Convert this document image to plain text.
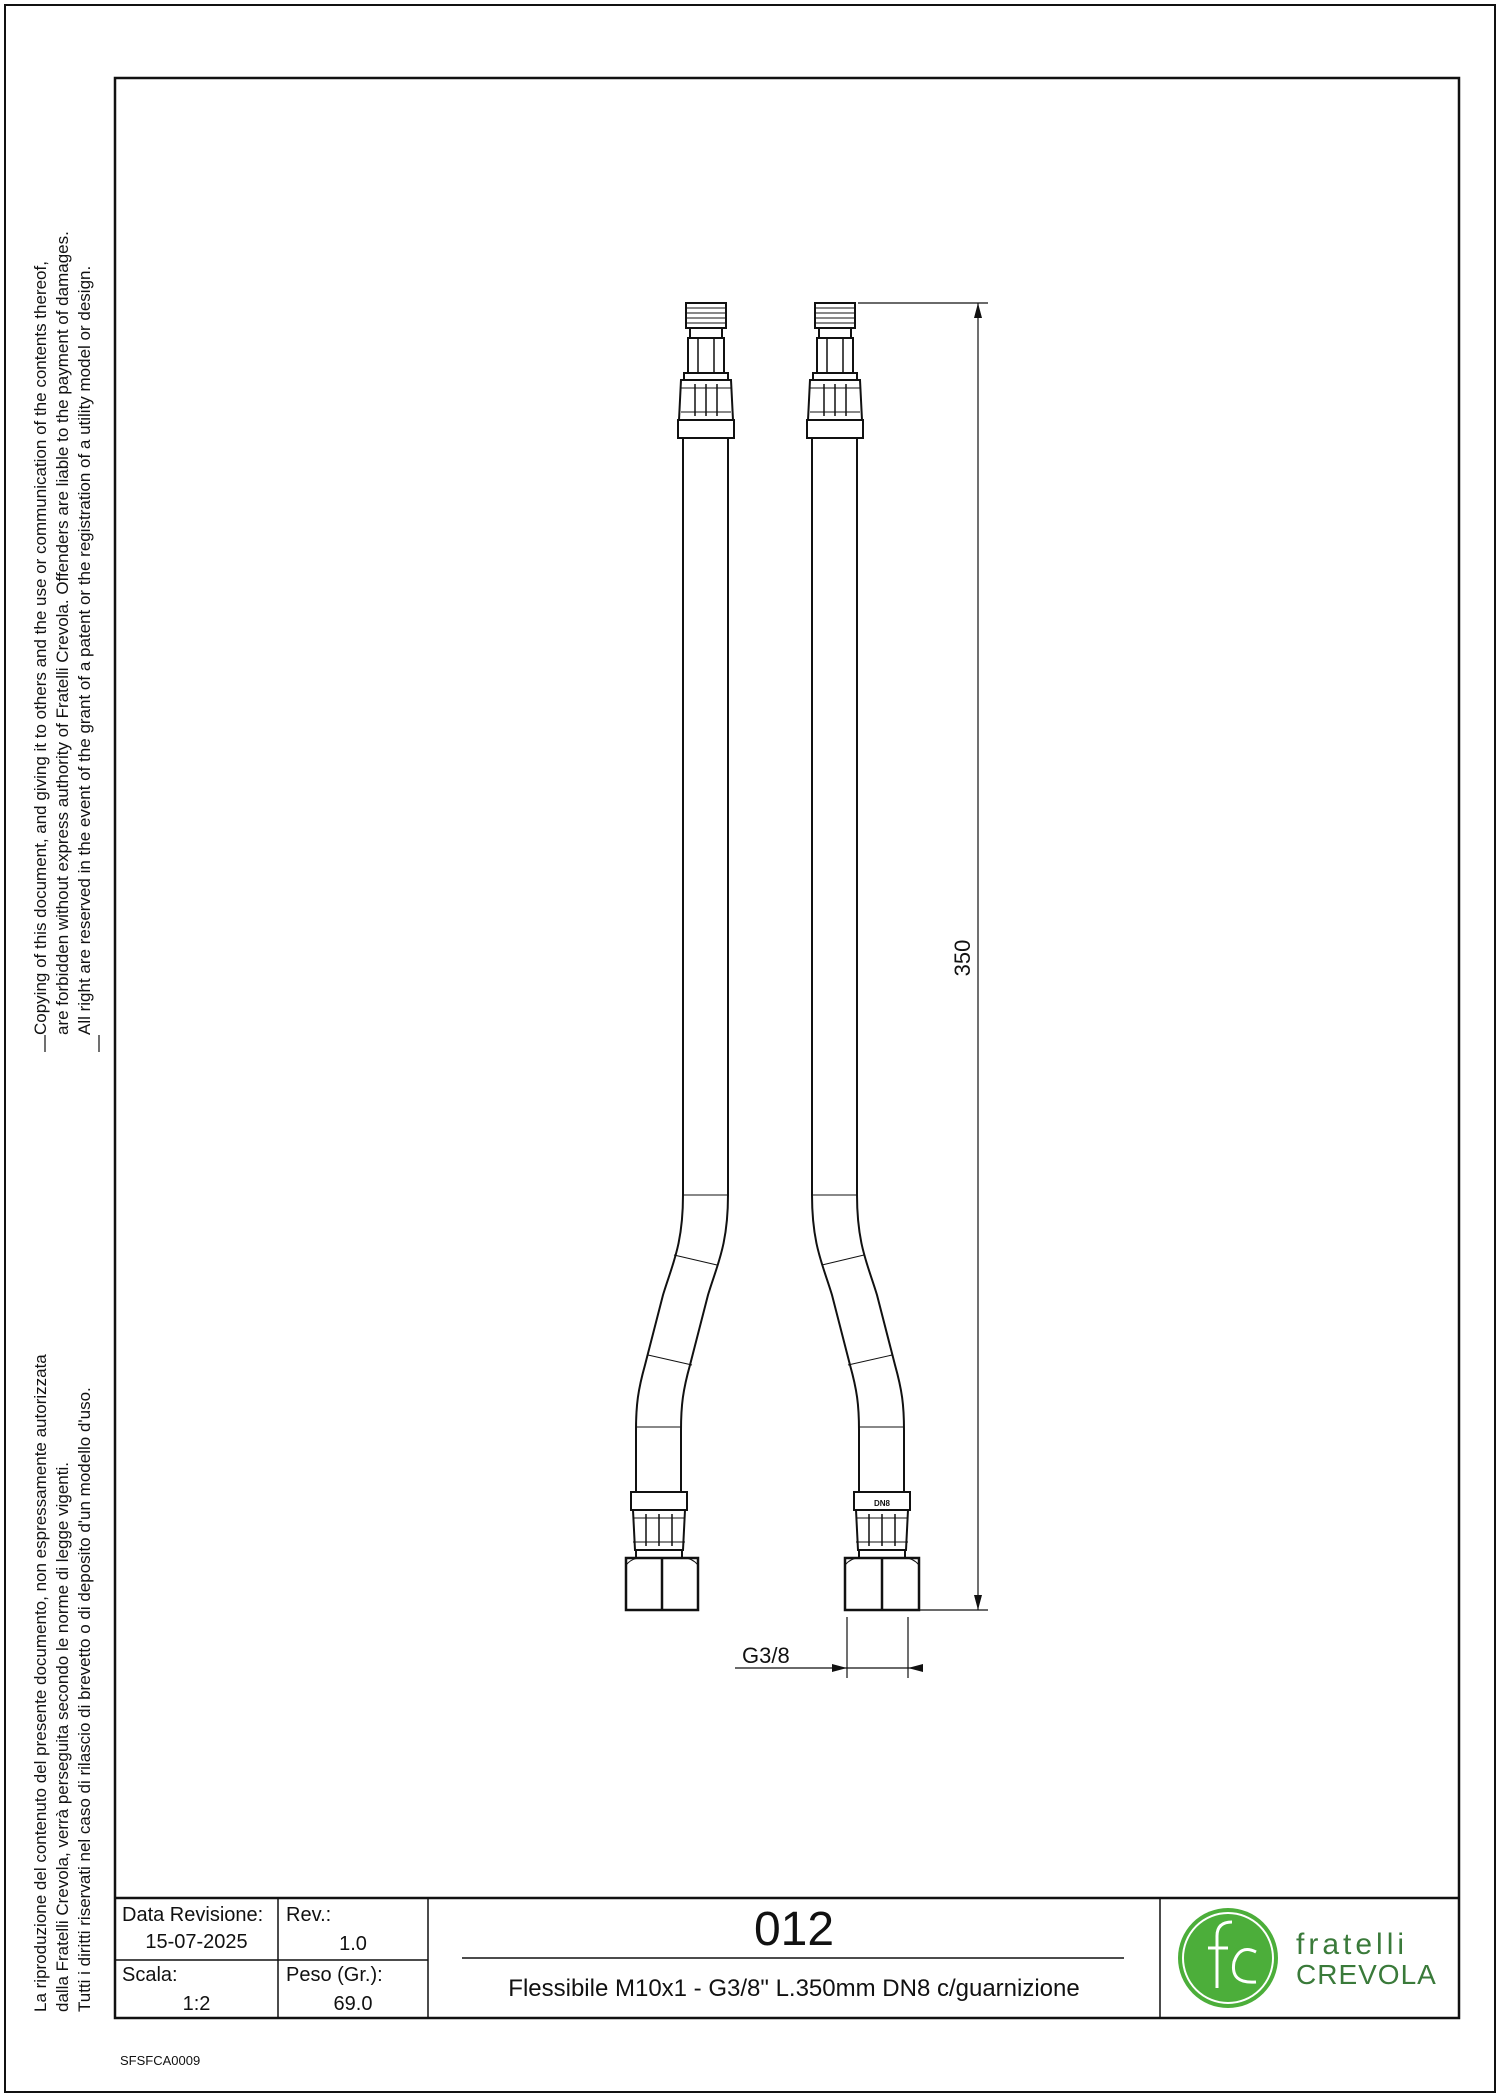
DN8
350
G3/8
fratelli
CREVOLA
Copying of this document, and giving it to others and the use or communication of the contents thereof, are forbidden without express authority of Fratelli Crevola. Offenders are liable to the payment of damages. All right are reserved in the event of the grant of a patent or the registration of a utility model or design.
La riproduzione del contenuto del presente documento, non espressamente autorizzata dalla Fratelli Crevola, verrà perseguita secondo le norme di legge vigenti. Tutti i diritti riservati nel caso di rilascio di brevetto o di deposito d'un modello d'uso. Data Revisione:
15-07-2025
Rev.:
1.0
Scala:
1:2
Peso (Gr.):
69.0
012
Flessibile M10x1 - G3/8" L.350mm DN8 c/guarnizione
SFSFCA0009
